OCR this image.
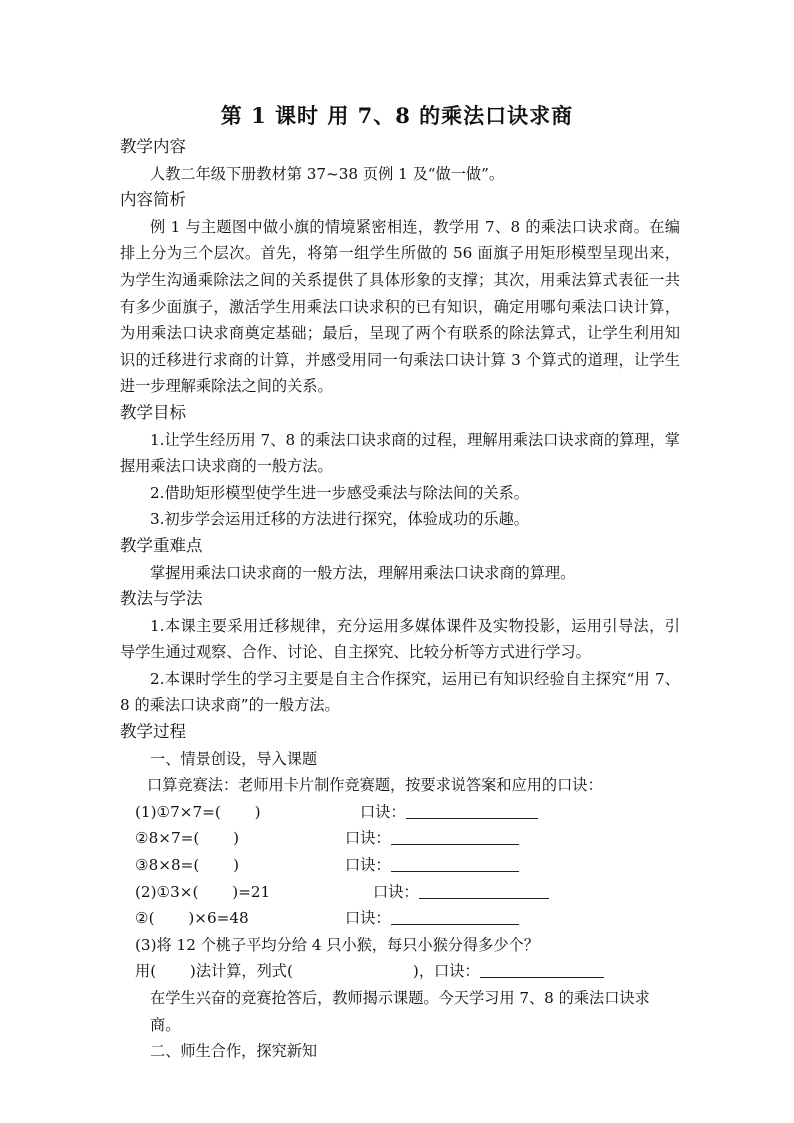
第 1 课时 用 7、8 的乘法口诀求商
教学内容
人教二年级下册教材第 37~38 页例 1 及“做一做”。
内容简析
例 1 与主题图中做小旗的情境紧密相连，教学用 7、8 的乘法口诀求商。在编排上分为三个层次。首先，将第一组学生所做的 56 面旗子用矩形模型呈现出来，为学生沟通乘除法之间的关系提供了具体形象的支撑；其次，用乘法算式表征一共有多少面旗子，激活学生用乘法口诀求积的已有知识，确定用哪句乘法口诀计算，为用乘法口诀求商奠定基础；最后，呈现了两个有联系的除法算式，让学生利用知识的迁移进行求商的计算，并感受用同一句乘法口诀计算 3 个算式的道理，让学生进一步理解乘除法之间的关系。
教学目标
1.让学生经历用 7、8 的乘法口诀求商的过程，理解用乘法口诀求商的算理，掌握用乘法口诀求商的一般方法。
2.借助矩形模型使学生进一步感受乘法与除法间的关系。
3.初步学会运用迁移的方法进行探究，体验成功的乐趣。
教学重难点
掌握用乘法口诀求商的一般方法，理解用乘法口诀求商的算理。
教法与学法
1.本课主要采用迁移规律，充分运用多媒体课件及实物投影，运用引导法，引导学生通过观察、合作、讨论、自主探究、比较分析等方式进行学习。
2.本课时学生的学习主要是自主合作探究，运用已有知识经验自主探究“用 7、8 的乘法口诀求商”的一般方法。
教学过程
一、情景创设，导入课题
口算竞赛法：老师用卡片制作竞赛题，按要求说答案和应用的口诀：
(1)①7×7=(       )	口诀：
②8×7=(       )	口诀：
③8×8=(       )	口诀：
(2)①3×(       )=21	口诀：
②(       )×6=48	口诀：
(3)将 12 个桃子平均分给 4 只小猴，每只小猴分得多少个？
用(       )法计算，列式(	)，口诀：
在学生兴奋的竞赛抢答后，教师揭示课题。今天学习用 7、8 的乘法口诀求商。
二、师生合作，探究新知
